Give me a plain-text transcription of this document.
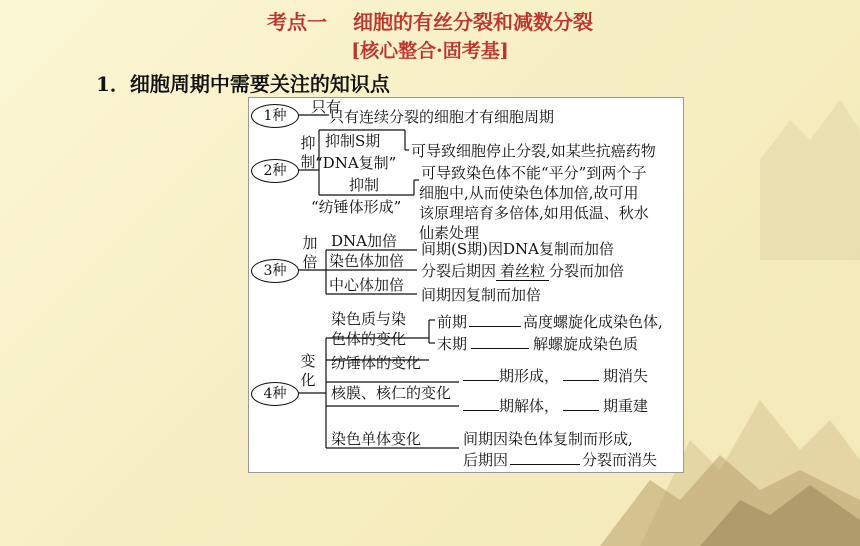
考点一 细胞的有丝分裂和减数分裂
[核心整合·固考基]
1．细胞周期中需要关注的知识点
1种	只有
只有连续分裂的细胞才有细胞周期
2种
抑制
抑制S期
可导致细胞停止分裂,如某些抗癌药物
“DNA复制”
抑制
“纺锤体形成”
可导致染色体不能“平分”到两个子
细胞中,从而使染色体加倍,故可用
该原理培育多倍体,如用低温、秋水
仙素处理
3种
加倍
DNA加倍 间期(S期)因DNA复制而加倍
染色体加倍
分裂后期因 着丝粒 分裂而加倍
中心体加倍
间期因复制而加倍
4种
变化
染色质与染
色体的变化
前期	高度螺旋化成染色体,
末期	解螺旋成染色质
纺锤体的变化
期形成，	期消失
核膜、核仁的变化
期解体，	期重建
染色单体变化	间期因染色体复制而形成,
后期因	分裂而消失
